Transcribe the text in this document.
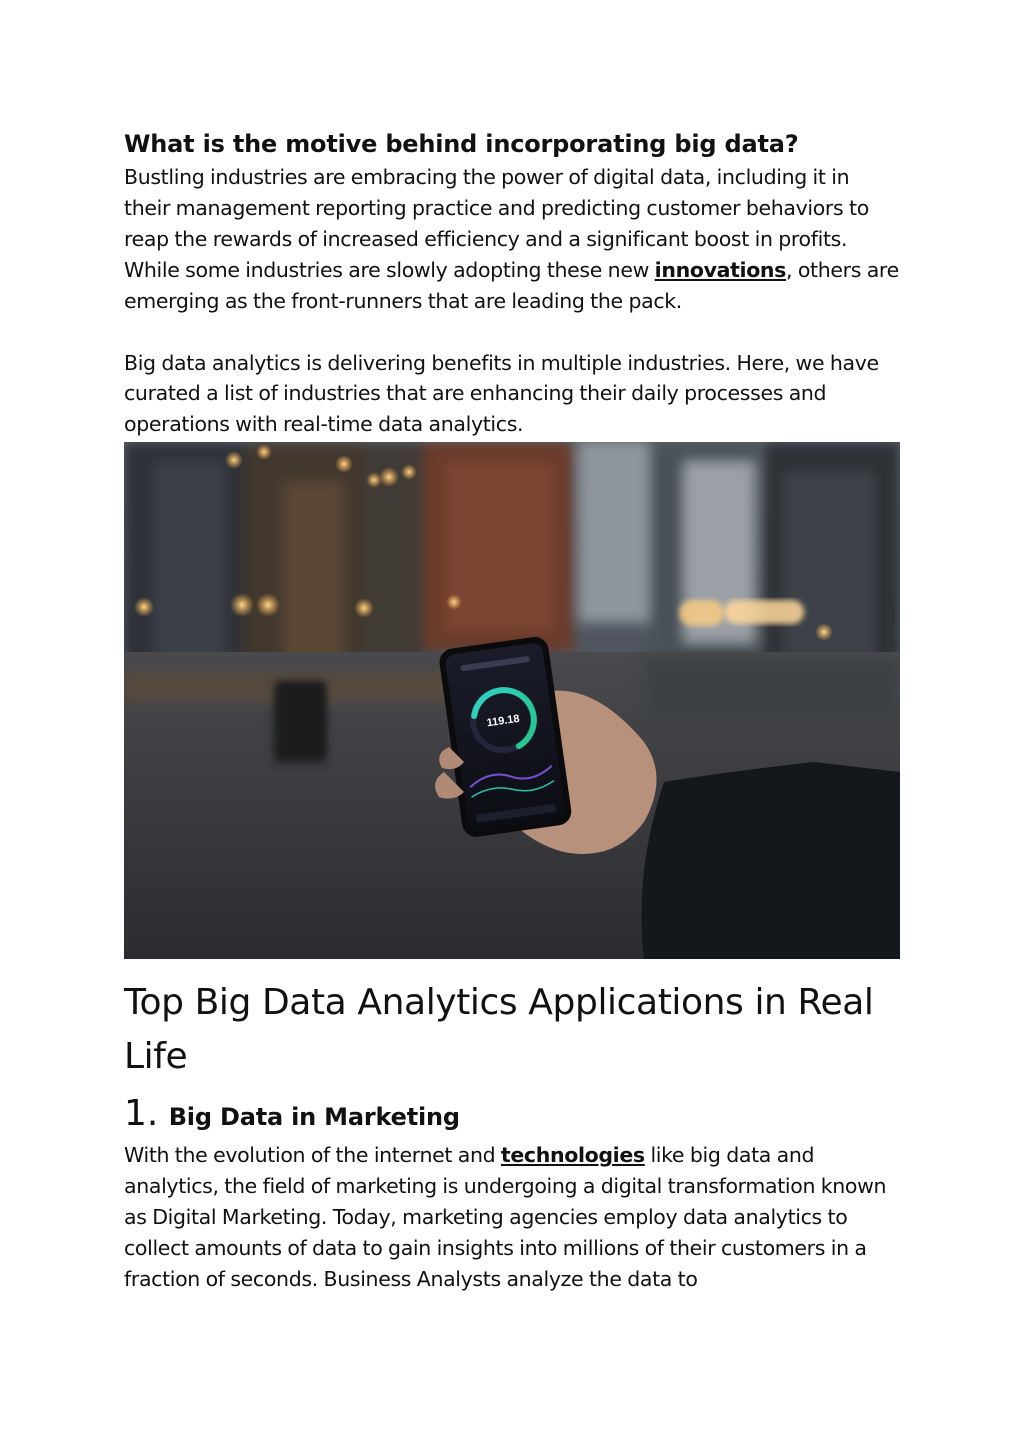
What is the motive behind incorporating big data?

Bustling industries are embracing the power of digital data, including it in their management reporting practice and predicting customer behaviors to reap the rewards of increased efficiency and a significant boost in profits. While some industries are slowly adopting these new innovations, others are emerging as the front-runners that are leading the pack.

Big data analytics is delivering benefits in multiple industries. Here, we have curated a list of industries that are enhancing their daily processes and operations with real-time data analytics.

119.18
Top Big Data Analytics Applications in Real Life
1. Big Data in Marketing

With the evolution of the internet and technologies like big data and analytics, the field of marketing is undergoing a digital transformation known as Digital Marketing. Today, marketing agencies employ data analytics to collect amounts of data to gain insights into millions of their customers in a fraction of seconds. Business Analysts analyze the data to
